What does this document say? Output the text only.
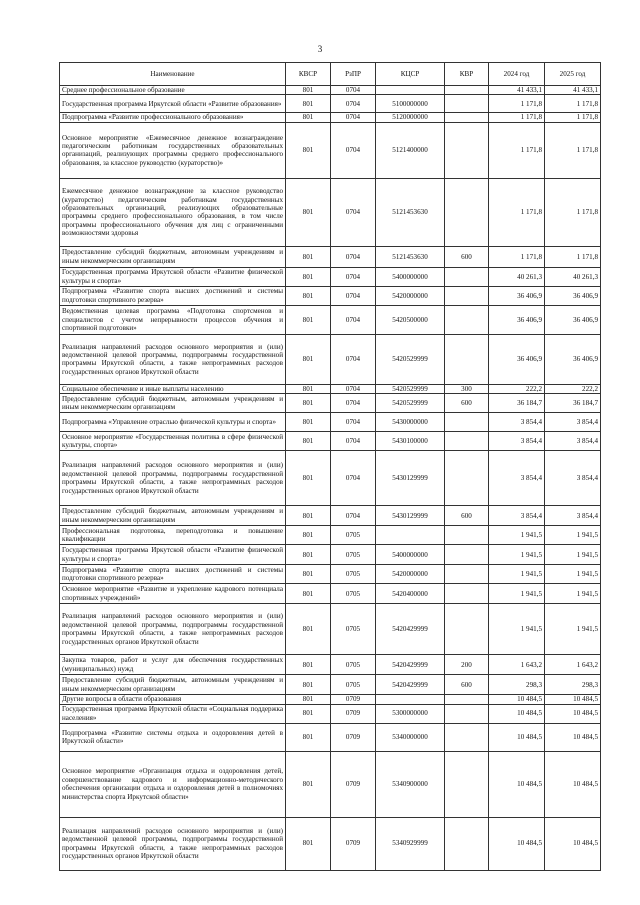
3
Наименование	КВСР	РзПР	КЦСР	КВР	2024 год	2025 год
Среднее профессиональное образование	801	0704			41 433,1	41 433,1
Государственная программа Иркутской области «Развитие образования»	801	0704	5100000000		1 171,8	1 171,8
Подпрограмма «Развитие профессионального образования»	801	0704	5120000000		1 171,8	1 171,8
Основное мероприятие «Ежемесячное денежное вознаграждение педагогическим работникам государственных образовательных организаций, реализующих программы среднего профессионального образования, за классное руководство (кураторство)»	801	0704	5121400000		1 171,8	1 171,8
Ежемесячное денежное вознаграждение за классное руководство (кураторство) педагогическим работникам государственных образовательных организаций, реализующих образовательные программы среднего профессионального образования, в том числе программы профессионального обучения для лиц с ограниченными возможностями здоровья	801	0704	5121453630		1 171,8	1 171,8
Предоставление субсидий бюджетным, автономным учреждениям и иным некоммерческим организациям	801	0704	5121453630	600	1 171,8	1 171,8
Государственная программа Иркутской области «Развитие физической культуры и спорта»	801	0704	5400000000		40 261,3	40 261,3
Подпрограмма «Развитие спорта высших достижений и системы подготовки спортивного резерва»	801	0704	5420000000		36 406,9	36 406,9
Ведомственная целевая программа «Подготовка спортсменов и специалистов с учетом непрерывности процессов обучения и спортивной подготовки»	801	0704	5420500000		36 406,9	36 406,9
Реализация направлений расходов основного мероприятия и (или) ведомственной целевой программы, подпрограммы государственной программы Иркутской области, а также непрограммных расходов государственных органов Иркутской области	801	0704	5420529999		36 406,9	36 406,9
Социальное обеспечение и иные выплаты населению	801	0704	5420529999	300	222,2	222,2
Предоставление субсидий бюджетным, автономным учреждениям и иным некоммерческим организациям	801	0704	5420529999	600	36 184,7	36 184,7
Подпрограмма «Управление отраслью физической культуры и спорта»	801	0704	5430000000		3 854,4	3 854,4
Основное мероприятие «Государственная политика в сфере физической культуры, спорта»	801	0704	5430100000		3 854,4	3 854,4
Реализация направлений расходов основного мероприятия и (или) ведомственной целевой программы, подпрограммы государственной программы Иркутской области, а также непрограммных расходов государственных органов Иркутской области	801	0704	5430129999		3 854,4	3 854,4
Предоставление субсидий бюджетным, автономным учреждениям и иным некоммерческим организациям	801	0704	5430129999	600	3 854,4	3 854,4
Профессиональная подготовка, переподготовка и повышение квалификации	801	0705			1 941,5	1 941,5
Государственная программа Иркутской области «Развитие физической культуры и спорта»	801	0705	5400000000		1 941,5	1 941,5
Подпрограмма «Развитие спорта высших достижений и системы подготовки спортивного резерва»	801	0705	5420000000		1 941,5	1 941,5
Основное мероприятие «Развитие и укрепление кадрового потенциала спортивных учреждений»	801	0705	5420400000		1 941,5	1 941,5
Реализация направлений расходов основного мероприятия и (или) ведомственной целевой программы, подпрограммы государственной программы Иркутской области, а также непрограммных расходов государственных органов Иркутской области	801	0705	5420429999		1 941,5	1 941,5
Закупка товаров, работ и услуг для обеспечения государственных (муниципальных) нужд	801	0705	5420429999	200	1 643,2	1 643,2
Предоставление субсидий бюджетным, автономным учреждениям и иным некоммерческим организациям	801	0705	5420429999	600	298,3	298,3
Другие вопросы в области образования	801	0709			10 484,5	10 484,5
Государственная программа Иркутской области «Социальная поддержка населения»	801	0709	5300000000		10 484,5	10 484,5
Подпрограмма «Развитие системы отдыха и оздоровления детей в Иркутской области»	801	0709	5340000000		10 484,5	10 484,5
Основное мероприятие «Организация отдыха и оздоровления детей, совершенствование кадрового и информационно-методического обеспечения организации отдыха и оздоровления детей в полномочиях министерства спорта Иркутской области»	801	0709	5340900000		10 484,5	10 484,5
Реализация направлений расходов основного мероприятия и (или) ведомственной целевой программы, подпрограммы государственной программы Иркутской области, а также непрограммных расходов государственных органов Иркутской области	801	0709	5340929999		10 484,5	10 484,5
